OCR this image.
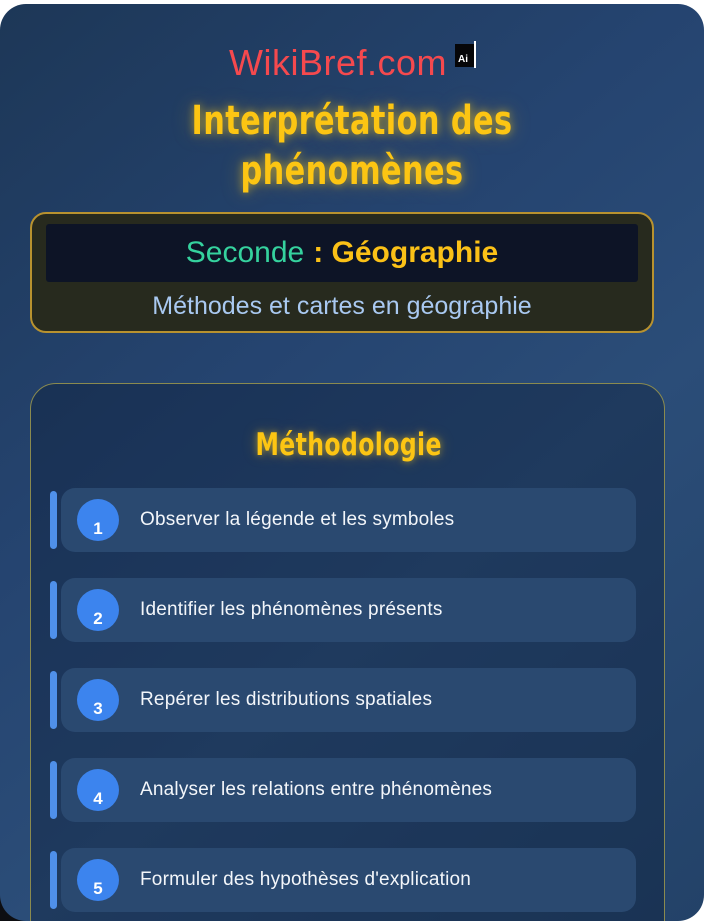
WikiBref.com Ai
Interprétation des phénomènes
Seconde : Géographie
Méthodes et cartes en géographie
Méthodologie
1 Observer la légende et les symboles
2 Identifier les phénomènes présents
3 Repérer les distributions spatiales
4 Analyser les relations entre phénomènes
5 Formuler des hypothèses d'explication
